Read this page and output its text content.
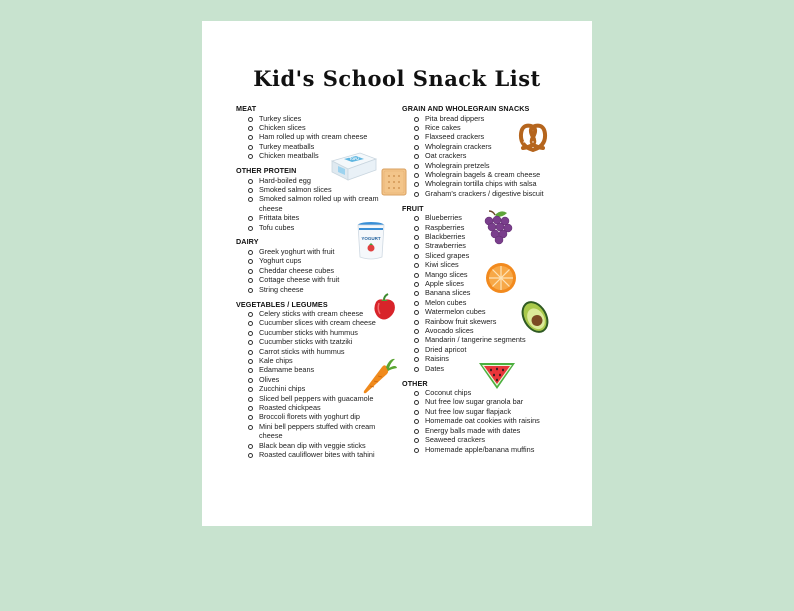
Kid's School Snack List
MEAT
Turkey slices
Chicken slices
Ham rolled up with cream cheese
Turkey meatballs
Chicken meatballs
OTHER PROTEIN
Hard-boiled egg
Smoked salmon slices
Smoked salmon rolled up with cream cheese
Frittata bites
Tofu cubes
DAIRY
Greek yoghurt with fruit
Yoghurt cups
Cheddar cheese cubes
Cottage cheese with fruit
String cheese
VEGETABLES / LEGUMES
Celery sticks with cream cheese
Cucumber slices with cream cheese
Cucumber sticks with hummus
Cucumber sticks with tzatziki
Carrot sticks with hummus
Kale chips
Edamame beans
Olives
Zucchini chips
Sliced bell peppers with guacamole
Roasted chickpeas
Broccoli florets with yoghurt dip
Mini bell peppers stuffed with cream cheese
Black bean dip with veggie sticks
Roasted cauliflower bites with tahini
GRAIN AND WHOLEGRAIN SNACKS
Pita bread dippers
Rice cakes
Flaxseed crackers
Wholegrain crackers
Oat crackers
Wholegrain pretzels
Wholegrain bagels & cream cheese
Wholegrain tortilla chips with salsa
Graham's crackers / digestive biscuit
FRUIT
Blueberries
Raspberries
Blackberries
Strawberries
Sliced grapes
Kiwi slices
Mango slices
Apple slices
Banana slices
Melon cubes
Watermelon cubes
Rainbow fruit skewers
Avocado slices
Mandarin / tangerine segments
Dried apricot
Raisins
Dates
OTHER
Coconut chips
Nut free low sugar granola bar
Nut free low sugar flapjack
Homemade oat cookies with raisins
Energy balls made with dates
Seaweed crackers
Homemade apple/banana muffins
TOFU
YOGURT
